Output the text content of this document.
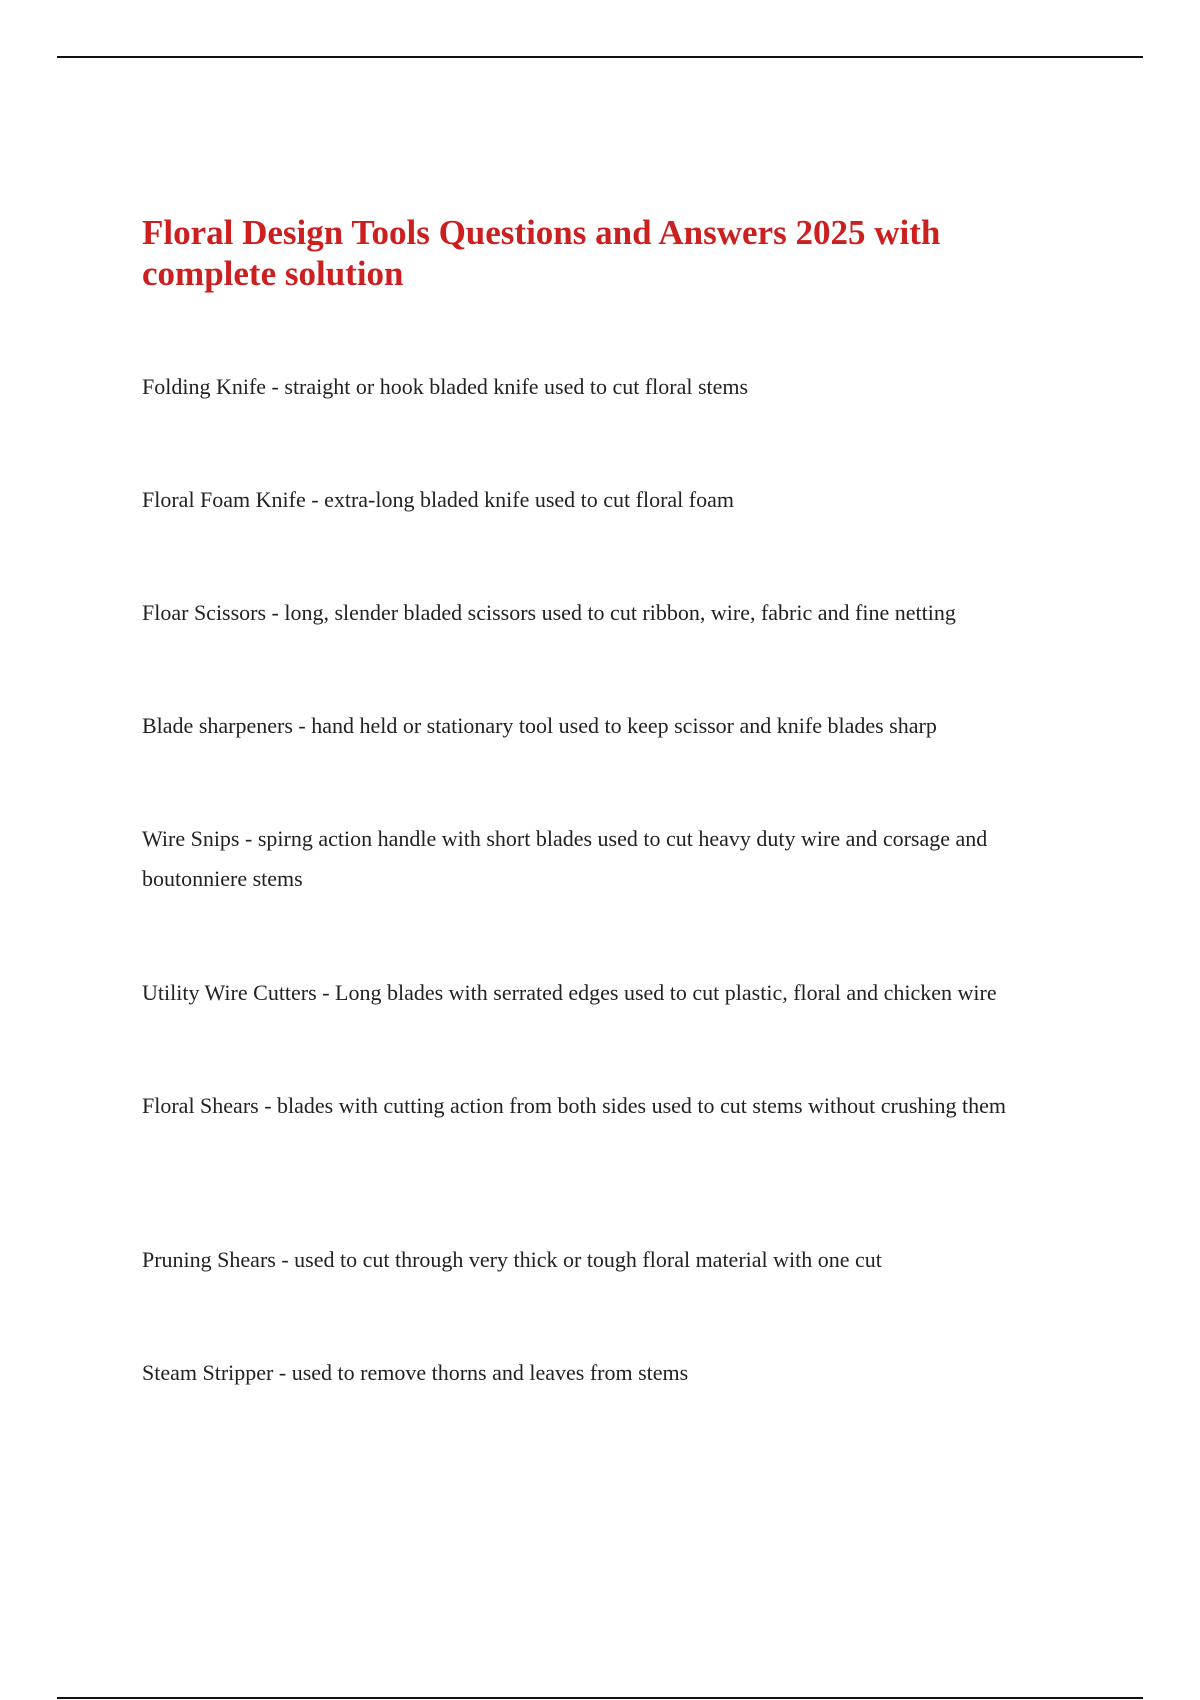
Floral Design Tools Questions and Answers 2025 with complete solution
Folding Knife - straight or hook bladed knife used to cut floral stems
Floral Foam Knife - extra-long bladed knife used to cut floral foam
Floar Scissors - long, slender bladed scissors used to cut ribbon, wire, fabric and fine netting
Blade sharpeners - hand held or stationary tool used to keep scissor and knife blades sharp
Wire Snips - spirng action handle with short blades used to cut heavy duty wire and corsage and boutonniere stems
Utility Wire Cutters - Long blades with serrated edges used to cut plastic, floral and chicken wire
Floral Shears - blades with cutting action from both sides used to cut stems without crushing them
Pruning Shears - used to cut through very thick or tough floral material with one cut
Steam Stripper - used to remove thorns and leaves from stems
